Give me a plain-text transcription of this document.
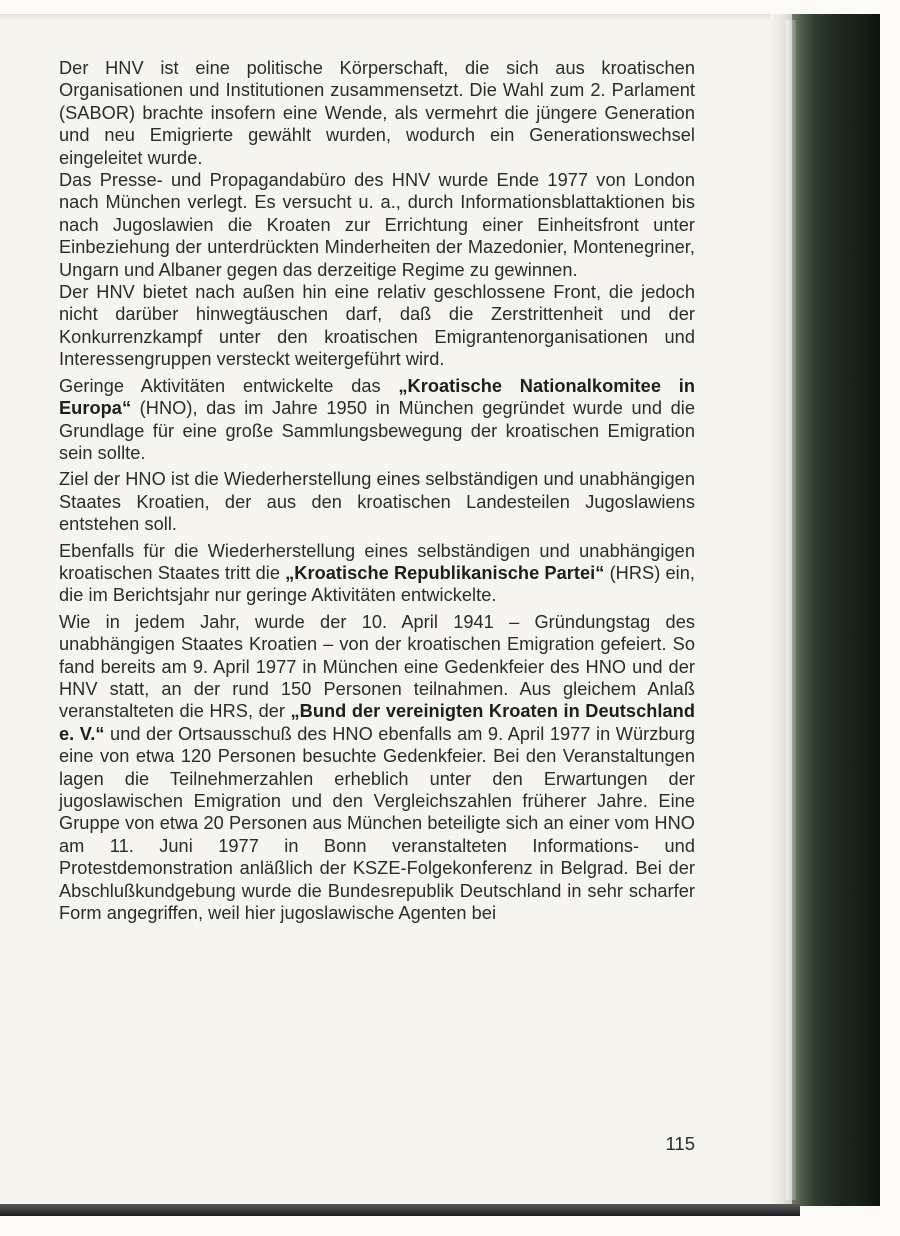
Der HNV ist eine politische Körperschaft, die sich aus kroatischen Organisationen und Institutionen zusammensetzt. Die Wahl zum 2. Parlament (SABOR) brachte insofern eine Wende, als vermehrt die jüngere Generation und neu Emigrierte gewählt wurden, wodurch ein Generationswechsel eingeleitet wurde.

Das Presse- und Propagandabüro des HNV wurde Ende 1977 von London nach München verlegt. Es versucht u. a., durch Informationsblattaktionen bis nach Jugoslawien die Kroaten zur Errichtung einer Einheitsfront unter Einbeziehung der unterdrückten Minderheiten der Mazedonier, Montenegriner, Ungarn und Albaner gegen das derzeitige Regime zu gewinnen.

Der HNV bietet nach außen hin eine relativ geschlossene Front, die jedoch nicht darüber hinwegtäuschen darf, daß die Zerstrittenheit und der Konkurrenzkampf unter den kroatischen Emigrantenorganisationen und Interessengruppen versteckt weitergeführt wird.

Geringe Aktivitäten entwickelte das „Kroatische Nationalkomitee in Europa“ (HNO), das im Jahre 1950 in München gegründet wurde und die Grundlage für eine große Sammlungsbewegung der kroatischen Emigration sein sollte.

Ziel der HNO ist die Wiederherstellung eines selbständigen und unabhängigen Staates Kroatien, der aus den kroatischen Landesteilen Jugoslawiens entstehen soll.

Ebenfalls für die Wiederherstellung eines selbständigen und unabhängigen kroatischen Staates tritt die „Kroatische Republikanische Partei“ (HRS) ein, die im Berichtsjahr nur geringe Aktivitäten entwickelte.

Wie in jedem Jahr, wurde der 10. April 1941 – Gründungstag des unabhängigen Staates Kroatien – von der kroatischen Emigration gefeiert. So fand bereits am 9. April 1977 in München eine Gedenkfeier des HNO und der HNV statt, an der rund 150 Personen teilnahmen. Aus gleichem Anlaß veranstalteten die HRS, der „Bund der vereinigten Kroaten in Deutschland e. V.“ und der Ortsausschuß des HNO ebenfalls am 9. April 1977 in Würzburg eine von etwa 120 Personen besuchte Gedenkfeier. Bei den Veranstaltungen lagen die Teilnehmerzahlen erheblich unter den Erwartungen der jugoslawischen Emigration und den Vergleichszahlen früherer Jahre. Eine Gruppe von etwa 20 Personen aus München beteiligte sich an einer vom HNO am 11. Juni 1977 in Bonn veranstalteten Informations- und Protestdemonstration anläßlich der KSZE-Folgekonferenz in Belgrad. Bei der Abschlußkundgebung wurde die Bundesrepublik Deutschland in sehr scharfer Form angegriffen, weil hier jugoslawische Agenten bei

115
